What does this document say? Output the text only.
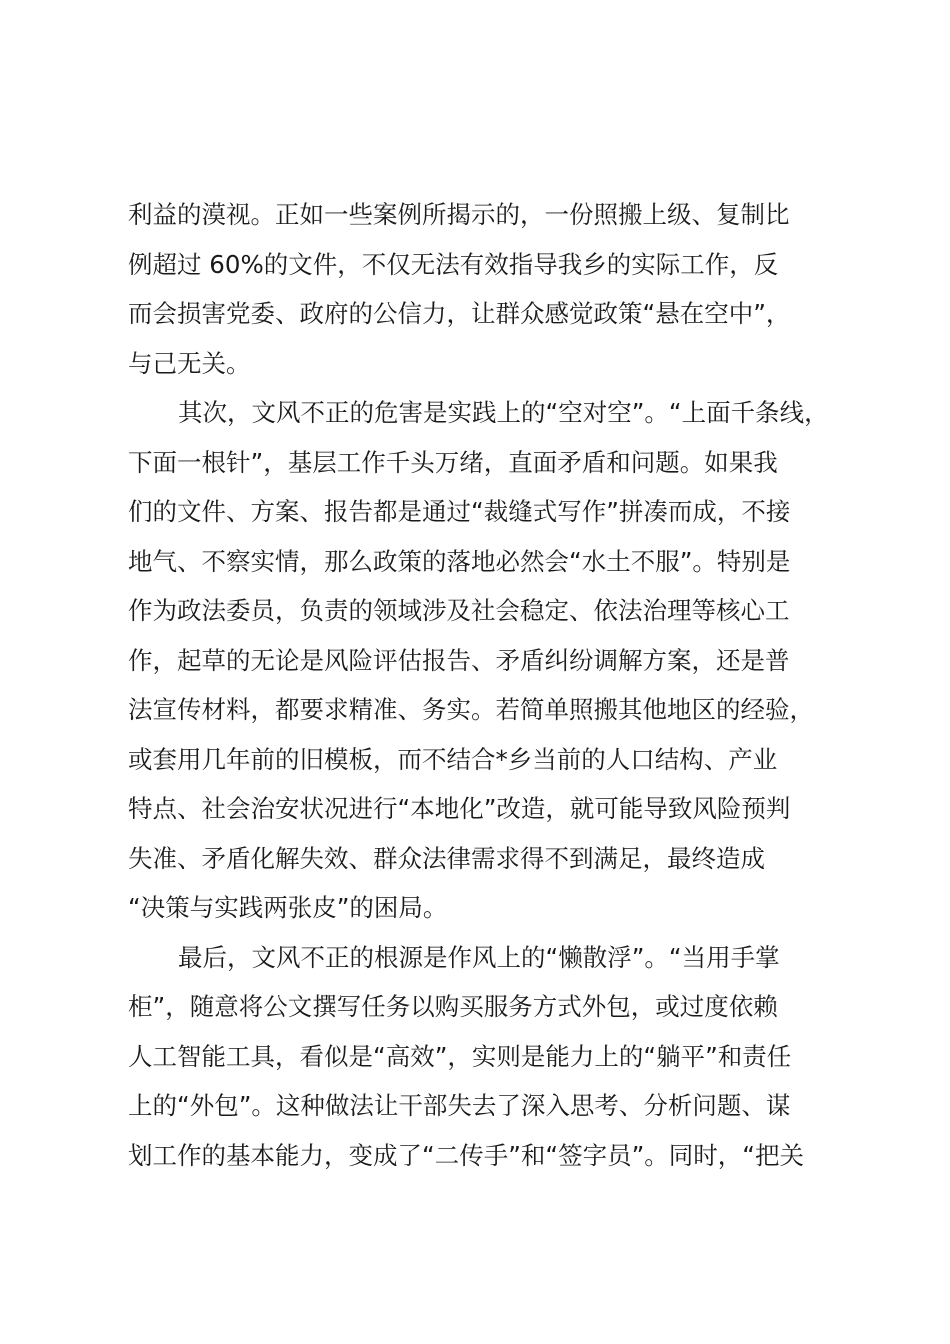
利益的漠视。正如一些案例所揭示的，一份照搬上级、复制比
例超过 60%的文件，不仅无法有效指导我乡的实际工作，反
而会损害党委、政府的公信力，让群众感觉政策“悬在空中”，
与己无关。
其次，文风不正的危害是实践上的“空对空”。“上面千条线，
下面一根针”，基层工作千头万绪，直面矛盾和问题。如果我
们的文件、方案、报告都是通过“裁缝式写作”拼凑而成，不接
地气、不察实情，那么政策的落地必然会“水土不服”。特别是
作为政法委员，负责的领域涉及社会稳定、依法治理等核心工
作，起草的无论是风险评估报告、矛盾纠纷调解方案，还是普
法宣传材料，都要求精准、务实。若简单照搬其他地区的经验，
或套用几年前的旧模板，而不结合*乡当前的人口结构、产业
特点、社会治安状况进行“本地化”改造，就可能导致风险预判
失准、矛盾化解失效、群众法律需求得不到满足，最终造成
“决策与实践两张皮”的困局。
最后，文风不正的根源是作风上的“懒散浮”。“当用手掌
柜”，随意将公文撰写任务以购买服务方式外包，或过度依赖
人工智能工具，看似是“高效”，实则是能力上的“躺平”和责任
上的“外包”。这种做法让干部失去了深入思考、分析问题、谋
划工作的基本能力，变成了“二传手”和“签字员”。同时，“把关
